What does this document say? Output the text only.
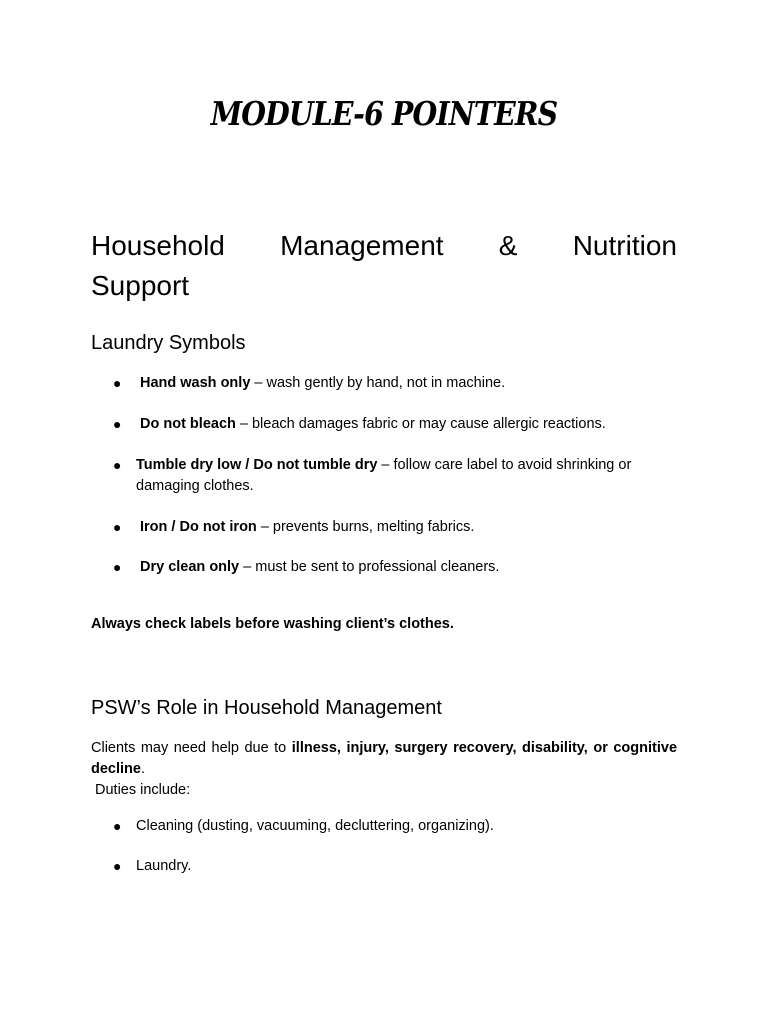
MODULE-6 POINTERS
Household Management & Nutrition
Support
Laundry Symbols
● Hand wash only – wash gently by hand, not in machine.
● Do not bleach – bleach damages fabric or may cause allergic reactions.
● Tumble dry low / Do not tumble dry – follow care label to avoid shrinking or damaging clothes.
● Iron / Do not iron – prevents burns, melting fabrics.
● Dry clean only – must be sent to professional cleaners.
Always check labels before washing client’s clothes.
PSW’s Role in Household Management
Clients may need help due to illness, injury, surgery recovery, disability, or cognitive decline.
Duties include:
● Cleaning (dusting, vacuuming, decluttering, organizing).
● Laundry.
